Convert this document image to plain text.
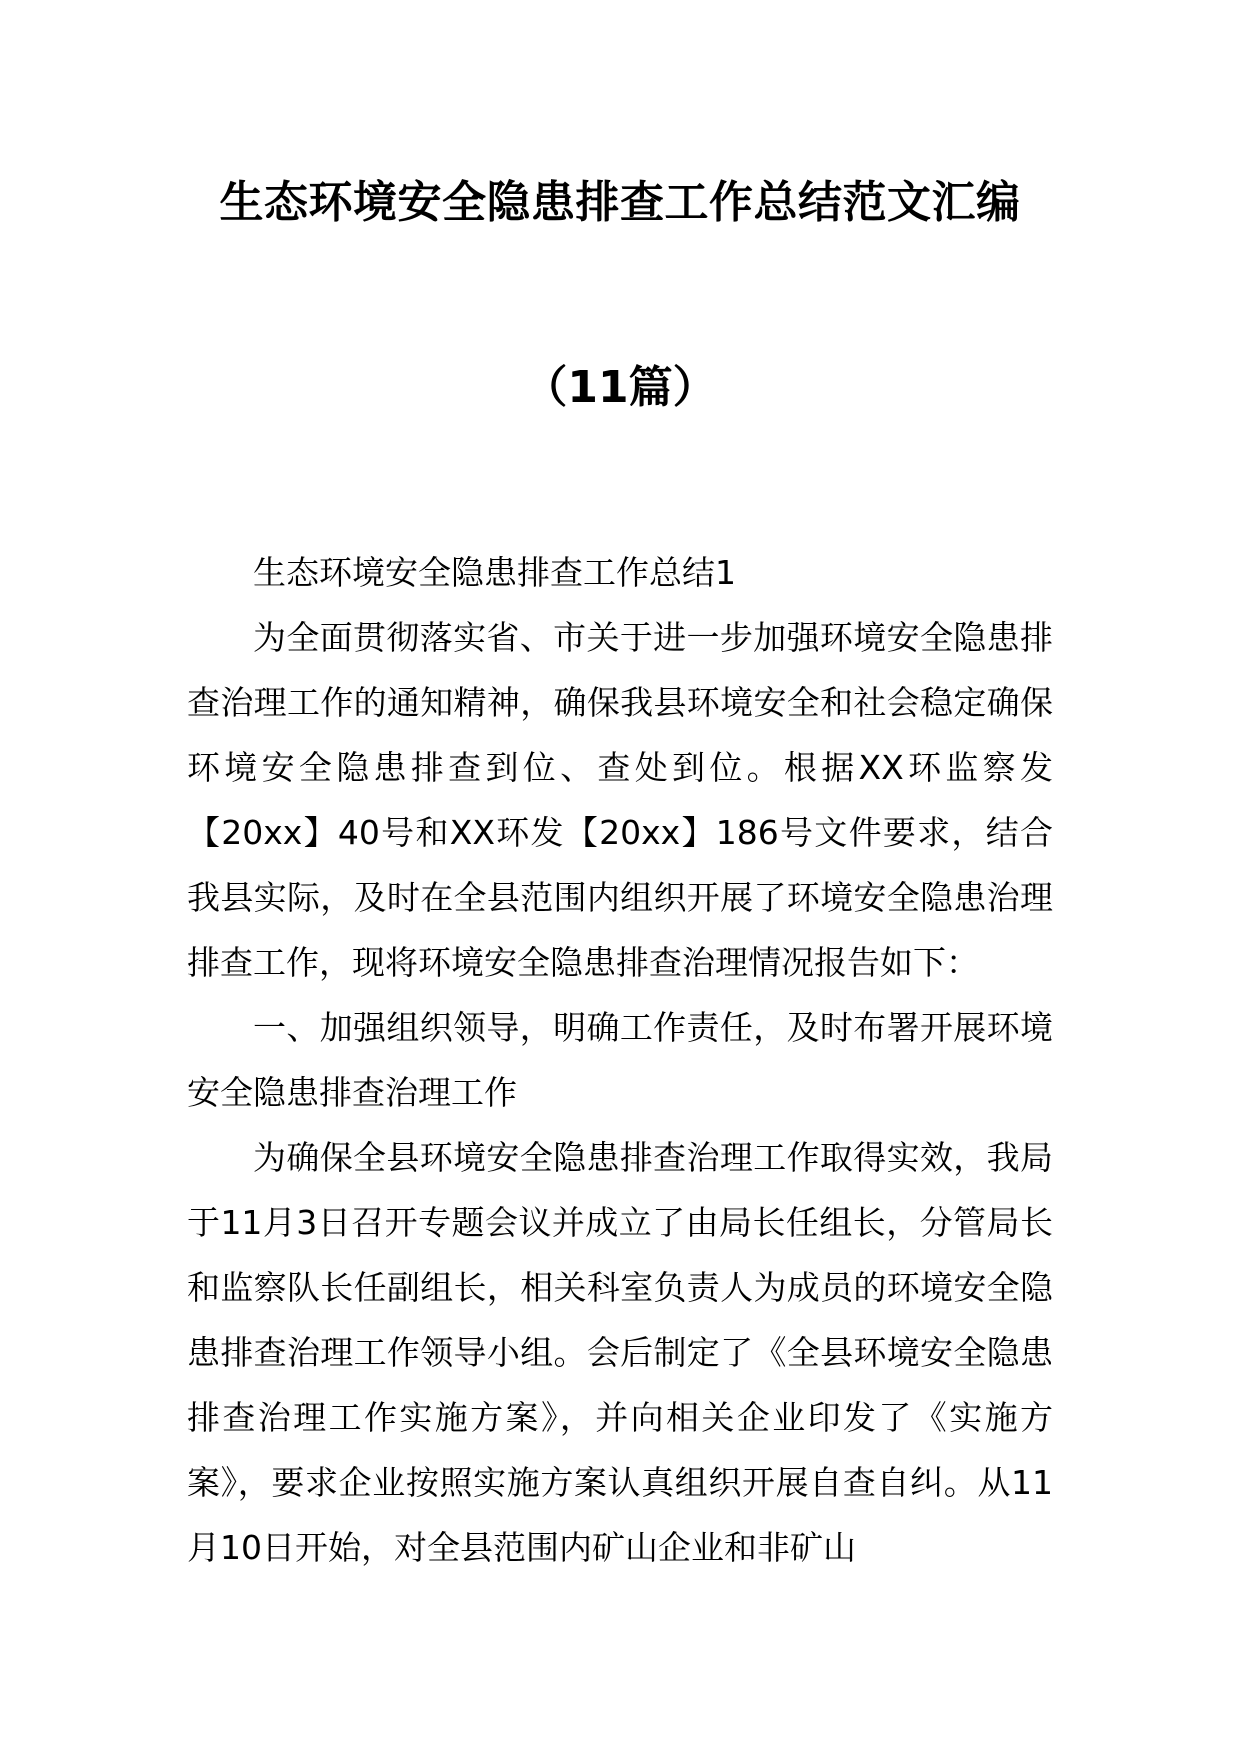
生态环境安全隐患排查工作总结范文汇编
（11篇）

生态环境安全隐患排查工作总结1

为全面贯彻落实省、市关于进一步加强环境安全隐患排查治理工作的通知精神，确保我县环境安全和社会稳定确保环境安全隐患排查到位、查处到位。根据XX环监察发【20xx】40号和XX环发【20xx】186号文件要求，结合我县实际，及时在全县范围内组织开展了环境安全隐患治理排查工作，现将环境安全隐患排查治理情况报告如下：

一、加强组织领导，明确工作责任，及时布署开展环境安全隐患排查治理工作

为确保全县环境安全隐患排查治理工作取得实效，我局于11月3日召开专题会议并成立了由局长任组长，分管局长和监察队长任副组长，相关科室负责人为成员的环境安全隐患排查治理工作领导小组。会后制定了《全县环境安全隐患排查治理工作实施方案》，并向相关企业印发了《实施方案》，要求企业按照实施方案认真组织开展自查自纠。从11月10日开始，对全县范围内矿山企业和非矿山
